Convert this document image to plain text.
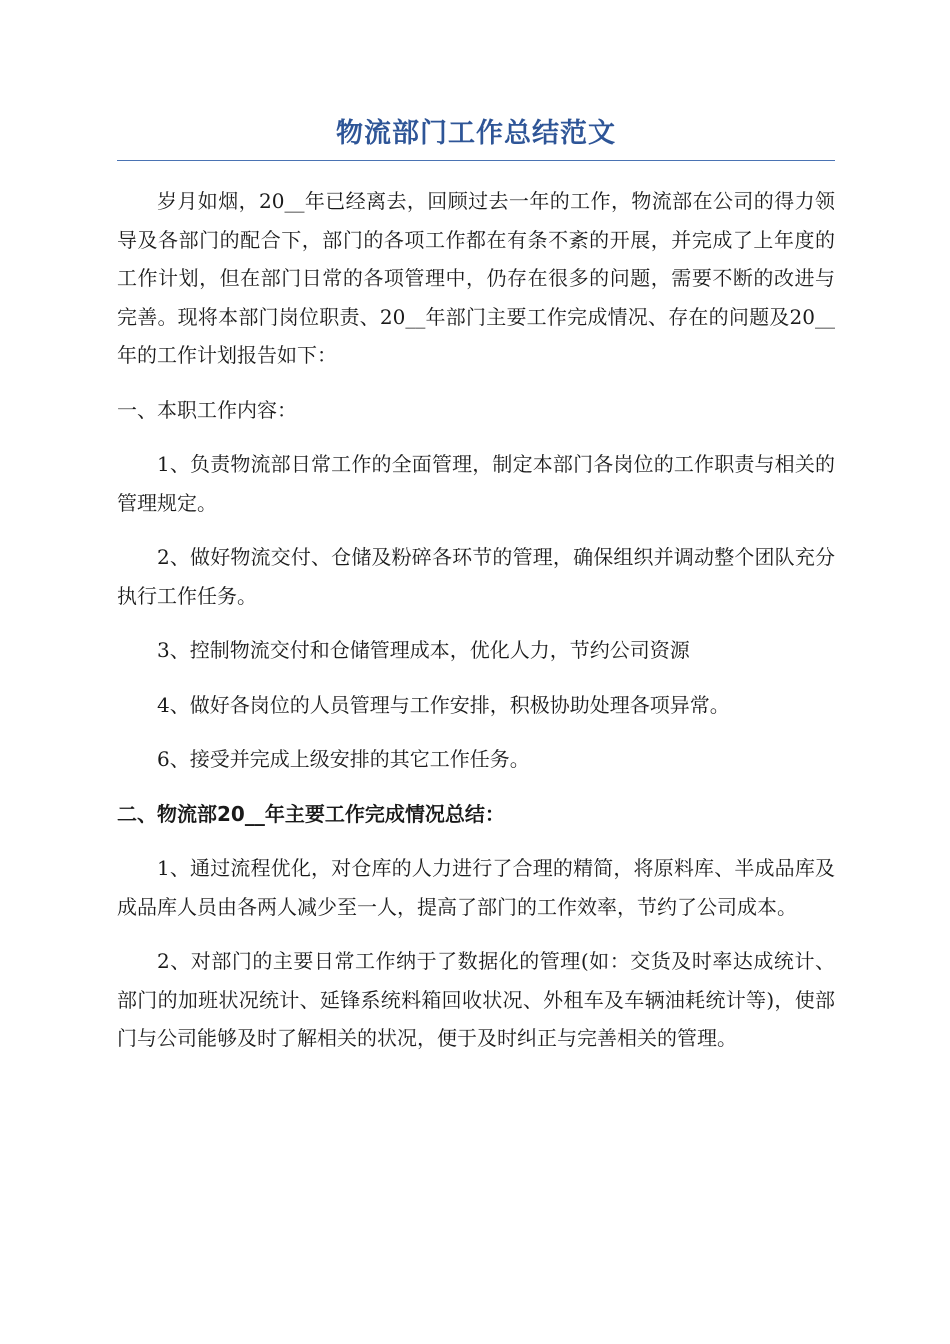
物流部门工作总结范文

岁月如烟，20__年已经离去，回顾过去一年的工作，物流部在公司的得力领导及各部门的配合下，部门的各项工作都在有条不紊的开展，并完成了上年度的工作计划，但在部门日常的各项管理中，仍存在很多的问题，需要不断的改进与完善。现将本部门岗位职责、20__年部门主要工作完成情况、存在的问题及20__年的工作计划报告如下：

一、本职工作内容：

1、负责物流部日常工作的全面管理，制定本部门各岗位的工作职责与相关的管理规定。

2、做好物流交付、仓储及粉碎各环节的管理，确保组织并调动整个团队充分执行工作任务。

3、控制物流交付和仓储管理成本，优化人力，节约公司资源

4、做好各岗位的人员管理与工作安排，积极协助处理各项异常。

6、接受并完成上级安排的其它工作任务。

二、物流部20__年主要工作完成情况总结：

1、通过流程优化，对仓库的人力进行了合理的精简，将原料库、半成品库及成品库人员由各两人减少至一人，提高了部门的工作效率，节约了公司成本。

2、对部门的主要日常工作纳于了数据化的管理(如：交货及时率达成统计、部门的加班状况统计、延锋系统料箱回收状况、外租车及车辆油耗统计等)，使部门与公司能够及时了解相关的状况，便于及时纠正与完善相关的管理。
